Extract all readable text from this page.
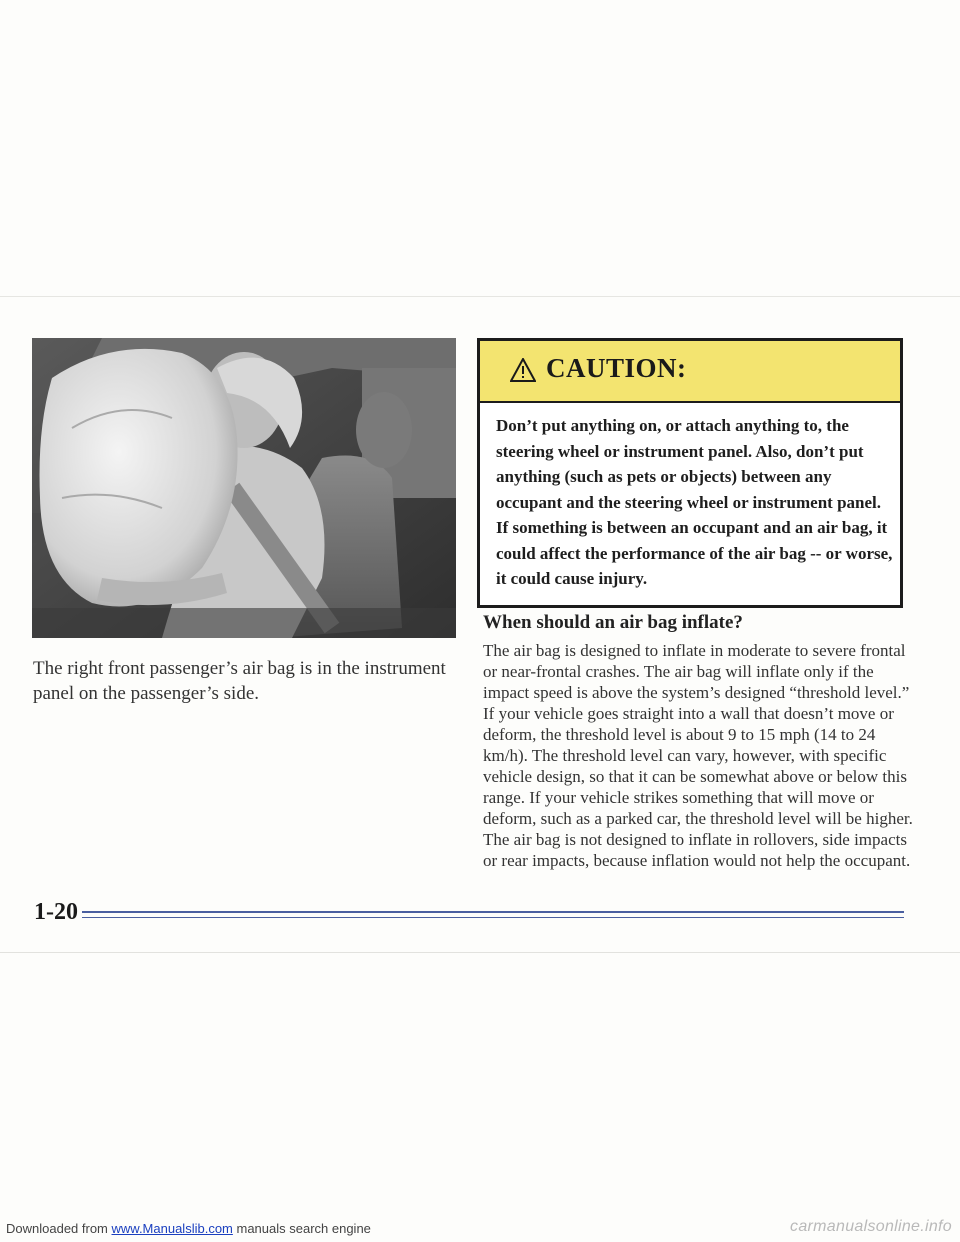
The right front passenger’s air bag is in the instrument panel on the passenger’s side.
CAUTION:
Don’t put anything on, or attach anything to, the steering wheel or instrument panel. Also, don’t put anything (such as pets or objects) between any occupant and the steering wheel or instrument panel. If something is between an occupant and an air bag, it could affect the performance of the air bag -- or worse, it could cause injury.
When should an air bag inflate?
The air bag is designed to inflate in moderate to severe frontal or near-frontal crashes. The air bag will inflate only if the impact speed is above the system’s designed “threshold level.” If your vehicle goes straight into a wall that doesn’t move or deform, the threshold level is about 9 to 15 mph (14 to 24 km/h). The threshold level can vary, however, with specific vehicle design, so that it can be somewhat above or below this range. If your vehicle strikes something that will move or deform, such as a parked car, the threshold level will be higher. The air bag is not designed to inflate in rollovers, side impacts or rear impacts, because inflation would not help the occupant.
1-20
Downloaded from www.Manualslib.com manuals search engine	carmanualsonline.info
